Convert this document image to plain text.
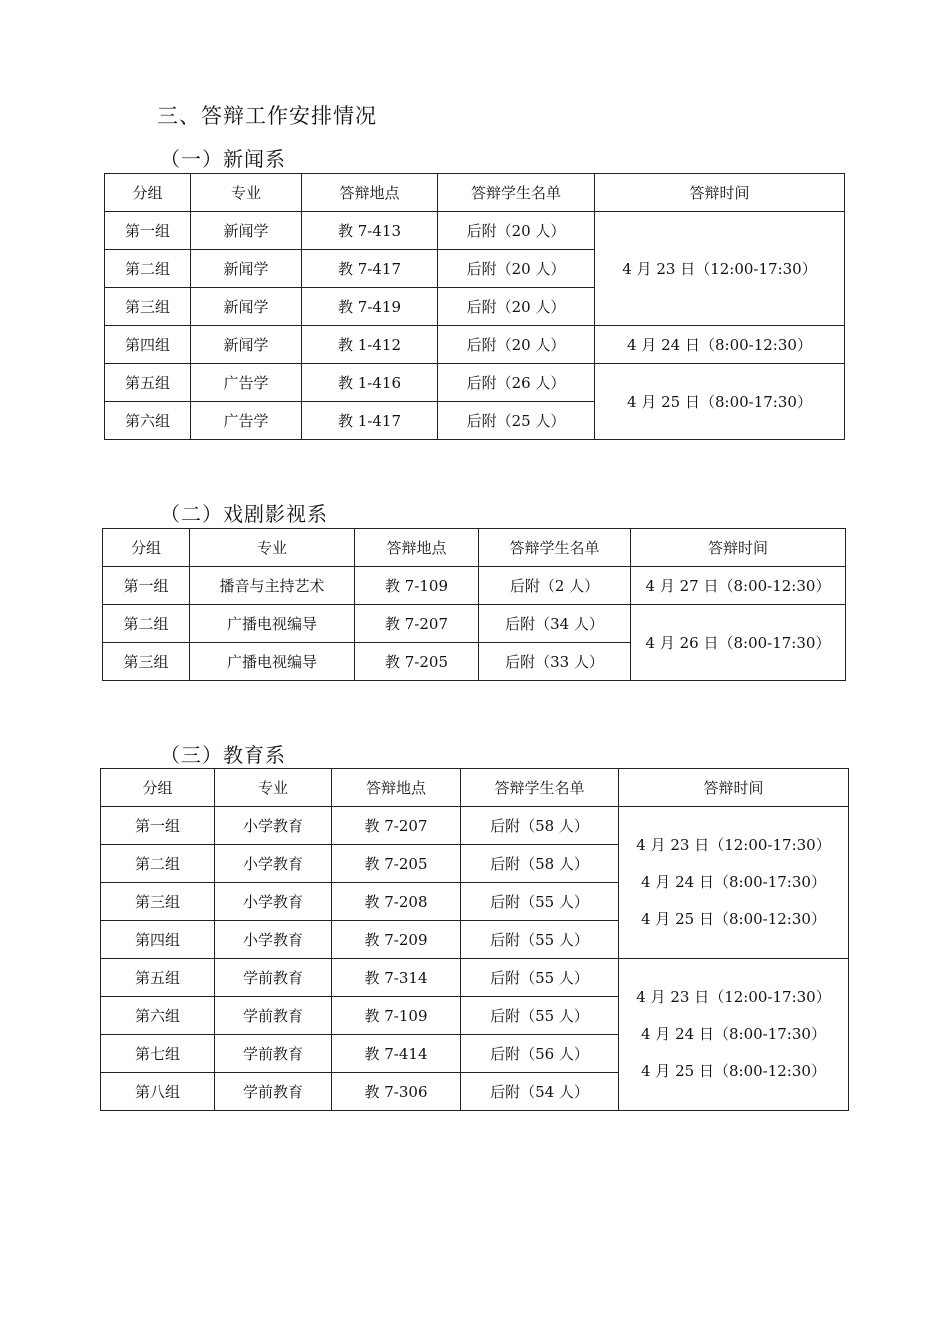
三、答辩工作安排情况
（一）新闻系
分组	专业	答辩地点	答辩学生名单	答辩时间
第一组	新闻学	教 7-413	后附（20 人）	4 月 23 日（12:00-17:30）
第二组	新闻学	教 7-417	后附（20 人）	
第三组	新闻学	教 7-419	后附（20 人）	
第四组	新闻学	教 1-412	后附（20 人）	4 月 24 日（8:00-12:30）
第五组	广告学	教 1-416	后附（26 人）	4 月 25 日（8:00-17:30）
第六组	广告学	教 1-417	后附（25 人）	
（二）戏剧影视系
分组	专业	答辩地点	答辩学生名单	答辩时间
第一组	播音与主持艺术	教 7-109	后附（2 人）	4 月 27 日（8:00-12:30）
第二组	广播电视编导	教 7-207	后附（34 人）	4 月 26 日（8:00-17:30）
第三组	广播电视编导	教 7-205	后附（33 人）	
（三）教育系
分组	专业	答辩地点	答辩学生名单	答辩时间
第一组	小学教育	教 7-207	后附（58 人）	4 月 23 日（12:00-17:30）
4 月 24 日（8:00-17:30）
4 月 25 日（8:00-12:30）

第二组	小学教育	教 7-205	后附（58 人）	
第三组	小学教育	教 7-208	后附（55 人）	
第四组	小学教育	教 7-209	后附（55 人）	
第五组	学前教育	教 7-314	后附（55 人）	4 月 23 日（12:00-17:30）
4 月 24 日（8:00-17:30）
4 月 25 日（8:00-12:30）

第六组	学前教育	教 7-109	后附（55 人）	
第七组	学前教育	教 7-414	后附（56 人）	
第八组	学前教育	教 7-306	后附（54 人）	
